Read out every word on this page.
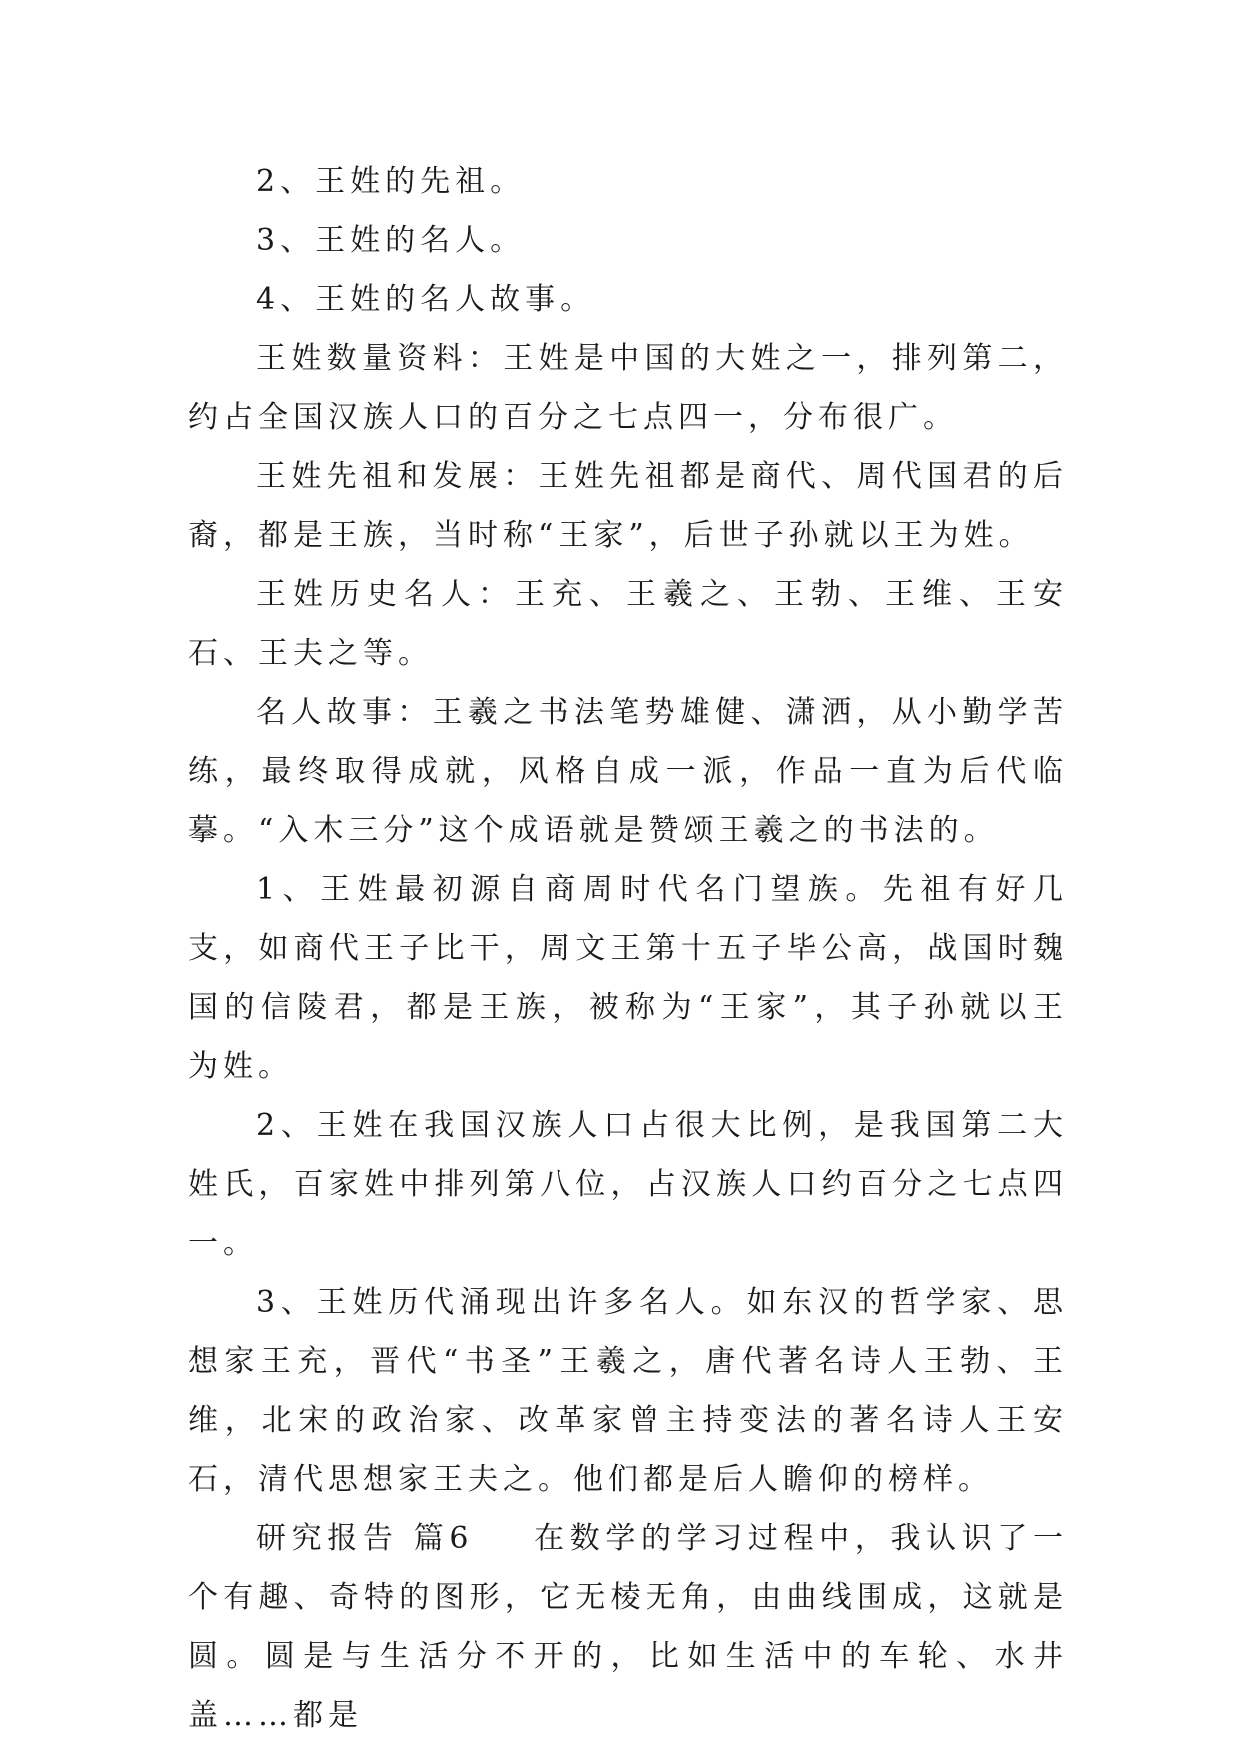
2、王姓的先祖。

3、王姓的名人。

4、王姓的名人故事。

王姓数量资料：王姓是中国的大姓之一，排列第二，约占全国汉族人口的百分之七点四一，分布很广。

王姓先祖和发展：王姓先祖都是商代、周代国君的后裔，都是王族，当时称“王家”，后世子孙就以王为姓。

王姓历史名人：王充、王羲之、王勃、王维、王安石、王夫之等。

名人故事：王羲之书法笔势雄健、潇洒，从小勤学苦练，最终取得成就，风格自成一派，作品一直为后代临摹。“入木三分”这个成语就是赞颂王羲之的书法的。

1、王姓最初源自商周时代名门望族。先祖有好几支，如商代王子比干，周文王第十五子毕公高，战国时魏国的信陵君，都是王族，被称为“王家”，其子孙就以王为姓。

2、王姓在我国汉族人口占很大比例，是我国第二大姓氏，百家姓中排列第八位，占汉族人口约百分之七点四一。

3、王姓历代涌现出许多名人。如东汉的哲学家、思想家王充，晋代“书圣”王羲之，唐代著名诗人王勃、王维，北宋的政治家、改革家曾主持变法的著名诗人王安石，清代思想家王夫之。他们都是后人瞻仰的榜样。

研究报告 篇6    在数学的学习过程中，我认识了一个有趣、奇特的图形，它无棱无角，由曲线围成，这就是圆。圆是与生活分不开的，比如生活中的车轮、水井盖……都是
